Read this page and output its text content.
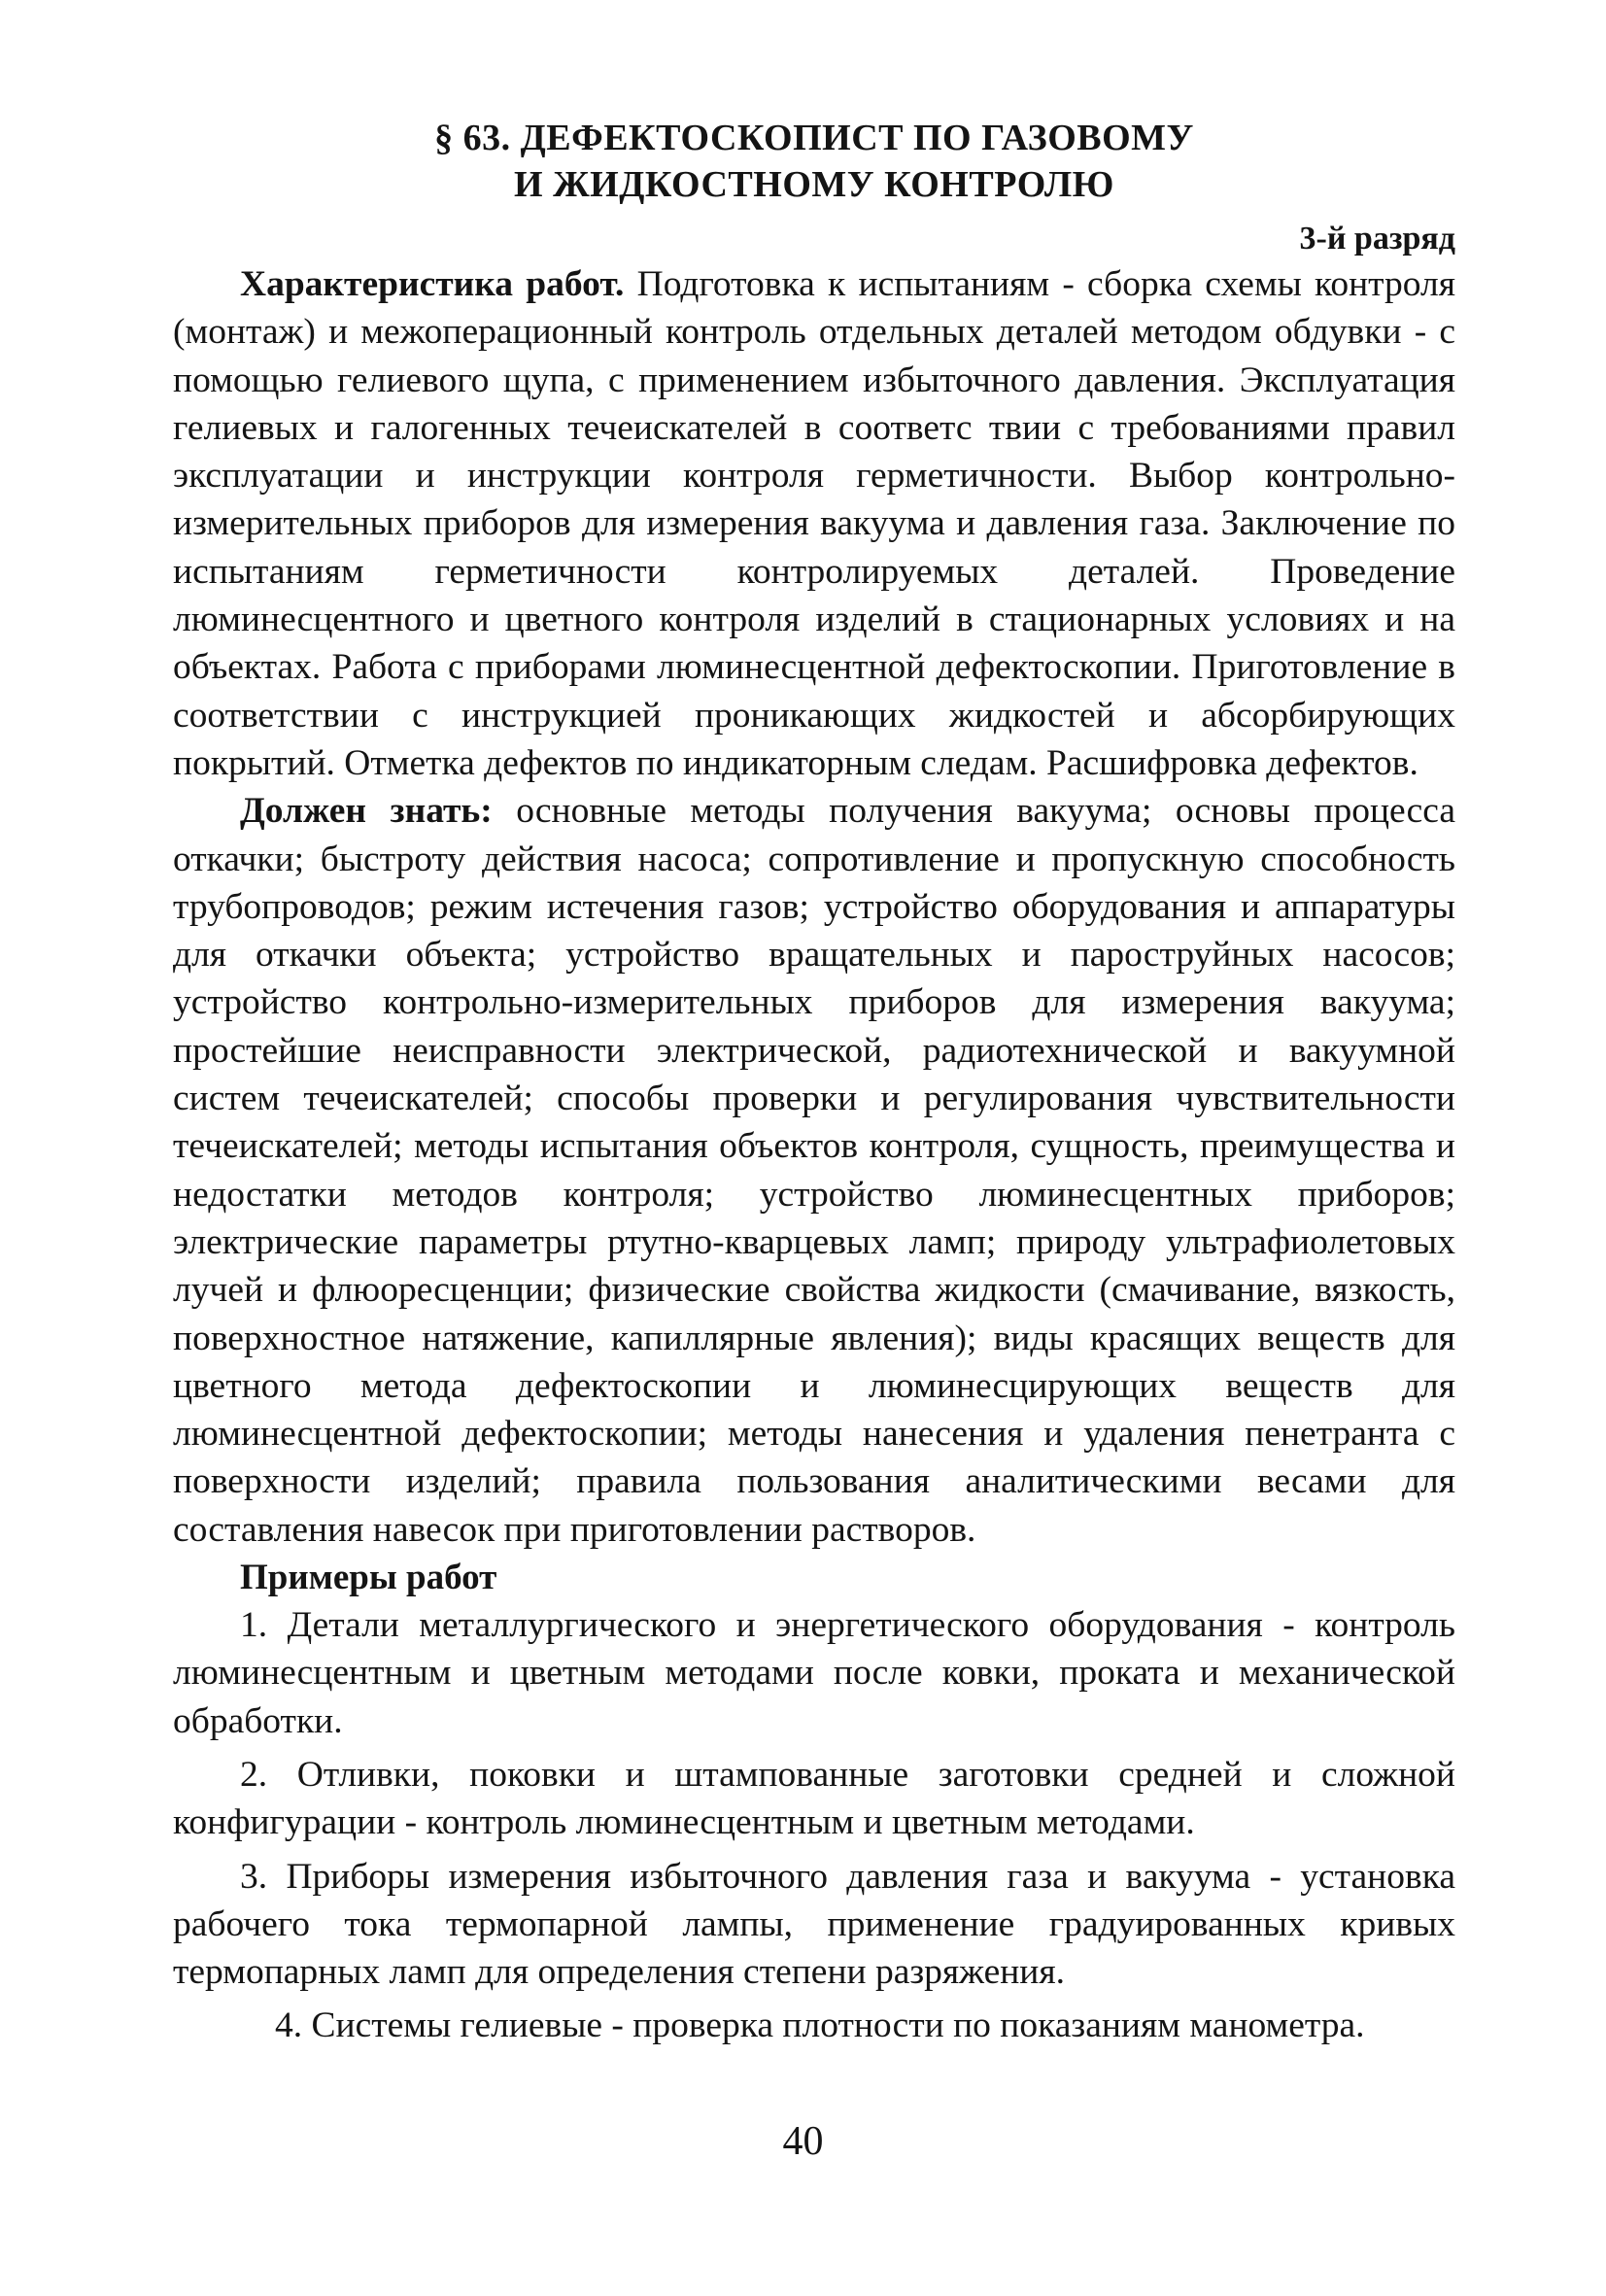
§ 63. ДЕФЕКТОСКОПИСТ ПО ГАЗОВОМУ
И ЖИДКОСТНОМУ КОНТРОЛЮ
3-й разряд

Характеристика работ. Подготовка к испытаниям - сборка схемы контроля (монтаж) и межоперационный контроль отдельных деталей методом обдувки - с помощью гелиевого щупа, с применением избыточного давления. Эксплуатация гелиевых и галогенных течеискателей в соответс твии с требованиями правил эксплуатации и инструкции контроля герметичности. Выбор контрольно-измерительных приборов для измерения вакуума и давления газа. Заключение по испытаниям герметичности контролируемых деталей. Проведение люминесцентного и цветного контроля изделий в стационарных условиях и на объектах. Работа с приборами люминесцентной дефектоскопии. Приготовление в соответствии с инструкцией проникающих жидкостей и абсорбирующих покрытий. Отметка дефектов по индикаторным следам. Расшифровка дефектов.

Должен знать: основные методы получения вакуума; основы процесса откачки; быстроту действия насоса; сопротивление и пропускную способность трубопроводов; режим истечения газов; устройство оборудования и аппаратуры для откачки объекта; устройство вращательных и пароструйных насосов; устройство контрольно-измерительных приборов для измерения вакуума; простейшие неисправности электрической, радиотехнической и вакуумной систем течеискателей; способы проверки и регулирования чувствительности течеискателей; методы испытания объектов контроля, сущность, преимущества и недостатки методов контроля; устройство люминесцентных приборов; электрические параметры ртутно-кварцевых ламп; природу ультрафиолетовых лучей и флюоресценции; физические свойства жидкости (смачивание, вязкость, поверхностное натяжение, капиллярные явления); виды красящих веществ для цветного метода дефектоскопии и люминесцирующих веществ для люминесцентной дефектоскопии; методы нанесения и удаления пенетранта с поверхности изделий; правила пользования аналитическими весами для составления навесок при приготовлении растворов.

Примеры работ

1. Детали металлургического и энергетического оборудования - контроль люминесцентным и цветным методами после ковки, проката и механической обработки.

2. Отливки, поковки и штампованные заготовки средней и сложной конфигурации - контроль люминесцентным и цветным методами.

3. Приборы измерения избыточного давления газа и вакуума - установка рабочего тока термопарной лампы, применение градуированных кривых термопарных ламп для определения степени разряжения.

4. Системы гелиевые - проверка плотности по показаниям манометра.

40
